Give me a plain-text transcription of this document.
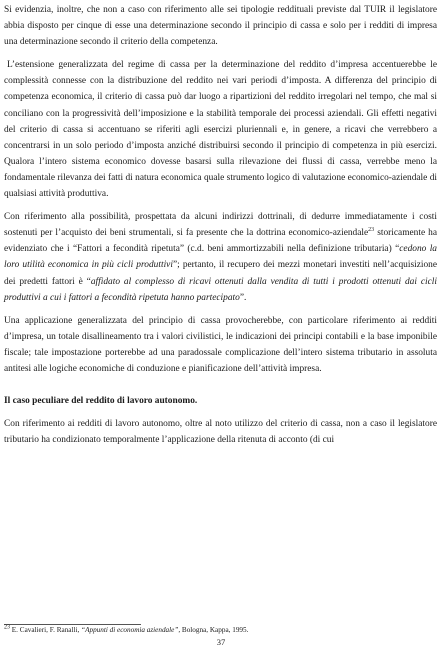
Si evidenzia, inoltre, che non a caso con riferimento alle sei tipologie reddituali previste dal TUIR il legislatore abbia disposto per cinque di esse una determinazione secondo il principio di cassa e solo per i redditi di impresa una determinazione secondo il criterio della competenza.

L’estensione generalizzata del regime di cassa per la determinazione del reddito d’impresa accentuerebbe le complessità connesse con la distribuzione del reddito nei vari periodi d’imposta. A differenza del principio di competenza economica, il criterio di cassa può dar luogo a ripartizioni del reddito irregolari nel tempo, che mal si conciliano con la progressività dell’imposizione e la stabilità temporale dei processi aziendali. Gli effetti negativi del criterio di cassa si accentuano se riferiti agli esercizi pluriennali e, in genere, a ricavi che verrebbero a concentrarsi in un solo periodo d’imposta anziché distribuirsi secondo il principio di competenza in più esercizi. Qualora l’intero sistema economico dovesse basarsi sulla rilevazione dei flussi di cassa, verrebbe meno la fondamentale rilevanza dei fatti di natura economica quale strumento logico di valutazione economico-aziendale di qualsiasi attività produttiva.

Con riferimento alla possibilità, prospettata da alcuni indirizzi dottrinali, di dedurre immediatamente i costi sostenuti per l’acquisto dei beni strumentali, si fa presente che la dottrina economico-aziendale$^{23}$ storicamente ha evidenziato che i “Fattori a fecondità ripetuta” (c.d. beni ammortizzabili nella definizione tributaria) “cedono la loro utilità economica in più cicli produttivi”; pertanto, il recupero dei mezzi monetari investiti nell’acquisizione dei predetti fattori è “affidato al complesso di ricavi ottenuti dalla vendita di tutti i prodotti ottenuti dai cicli produttivi a cui i fattori a fecondità ripetuta hanno partecipato”.

Una applicazione generalizzata del principio di cassa provocherebbe, con particolare riferimento ai redditi d’impresa, un totale disallineamento tra i valori civilistici, le indicazioni dei principi contabili e la base imponibile fiscale; tale impostazione porterebbe ad una paradossale complicazione dell’intero sistema tributario in assoluta antitesi alle logiche economiche di conduzione e pianificazione dell’attività impresa.

Il caso peculiare del reddito di lavoro autonomo.

Con riferimento ai redditi di lavoro autonomo, oltre al noto utilizzo del criterio di cassa, non a caso il legislatore tributario ha condizionato temporalmente l’applicazione della ritenuta di acconto (di cui

$^{23}$ E. Cavalieri, F. Ranalli, “Appunti di economia aziendale”, Bologna, Kappa, 1995.
37
